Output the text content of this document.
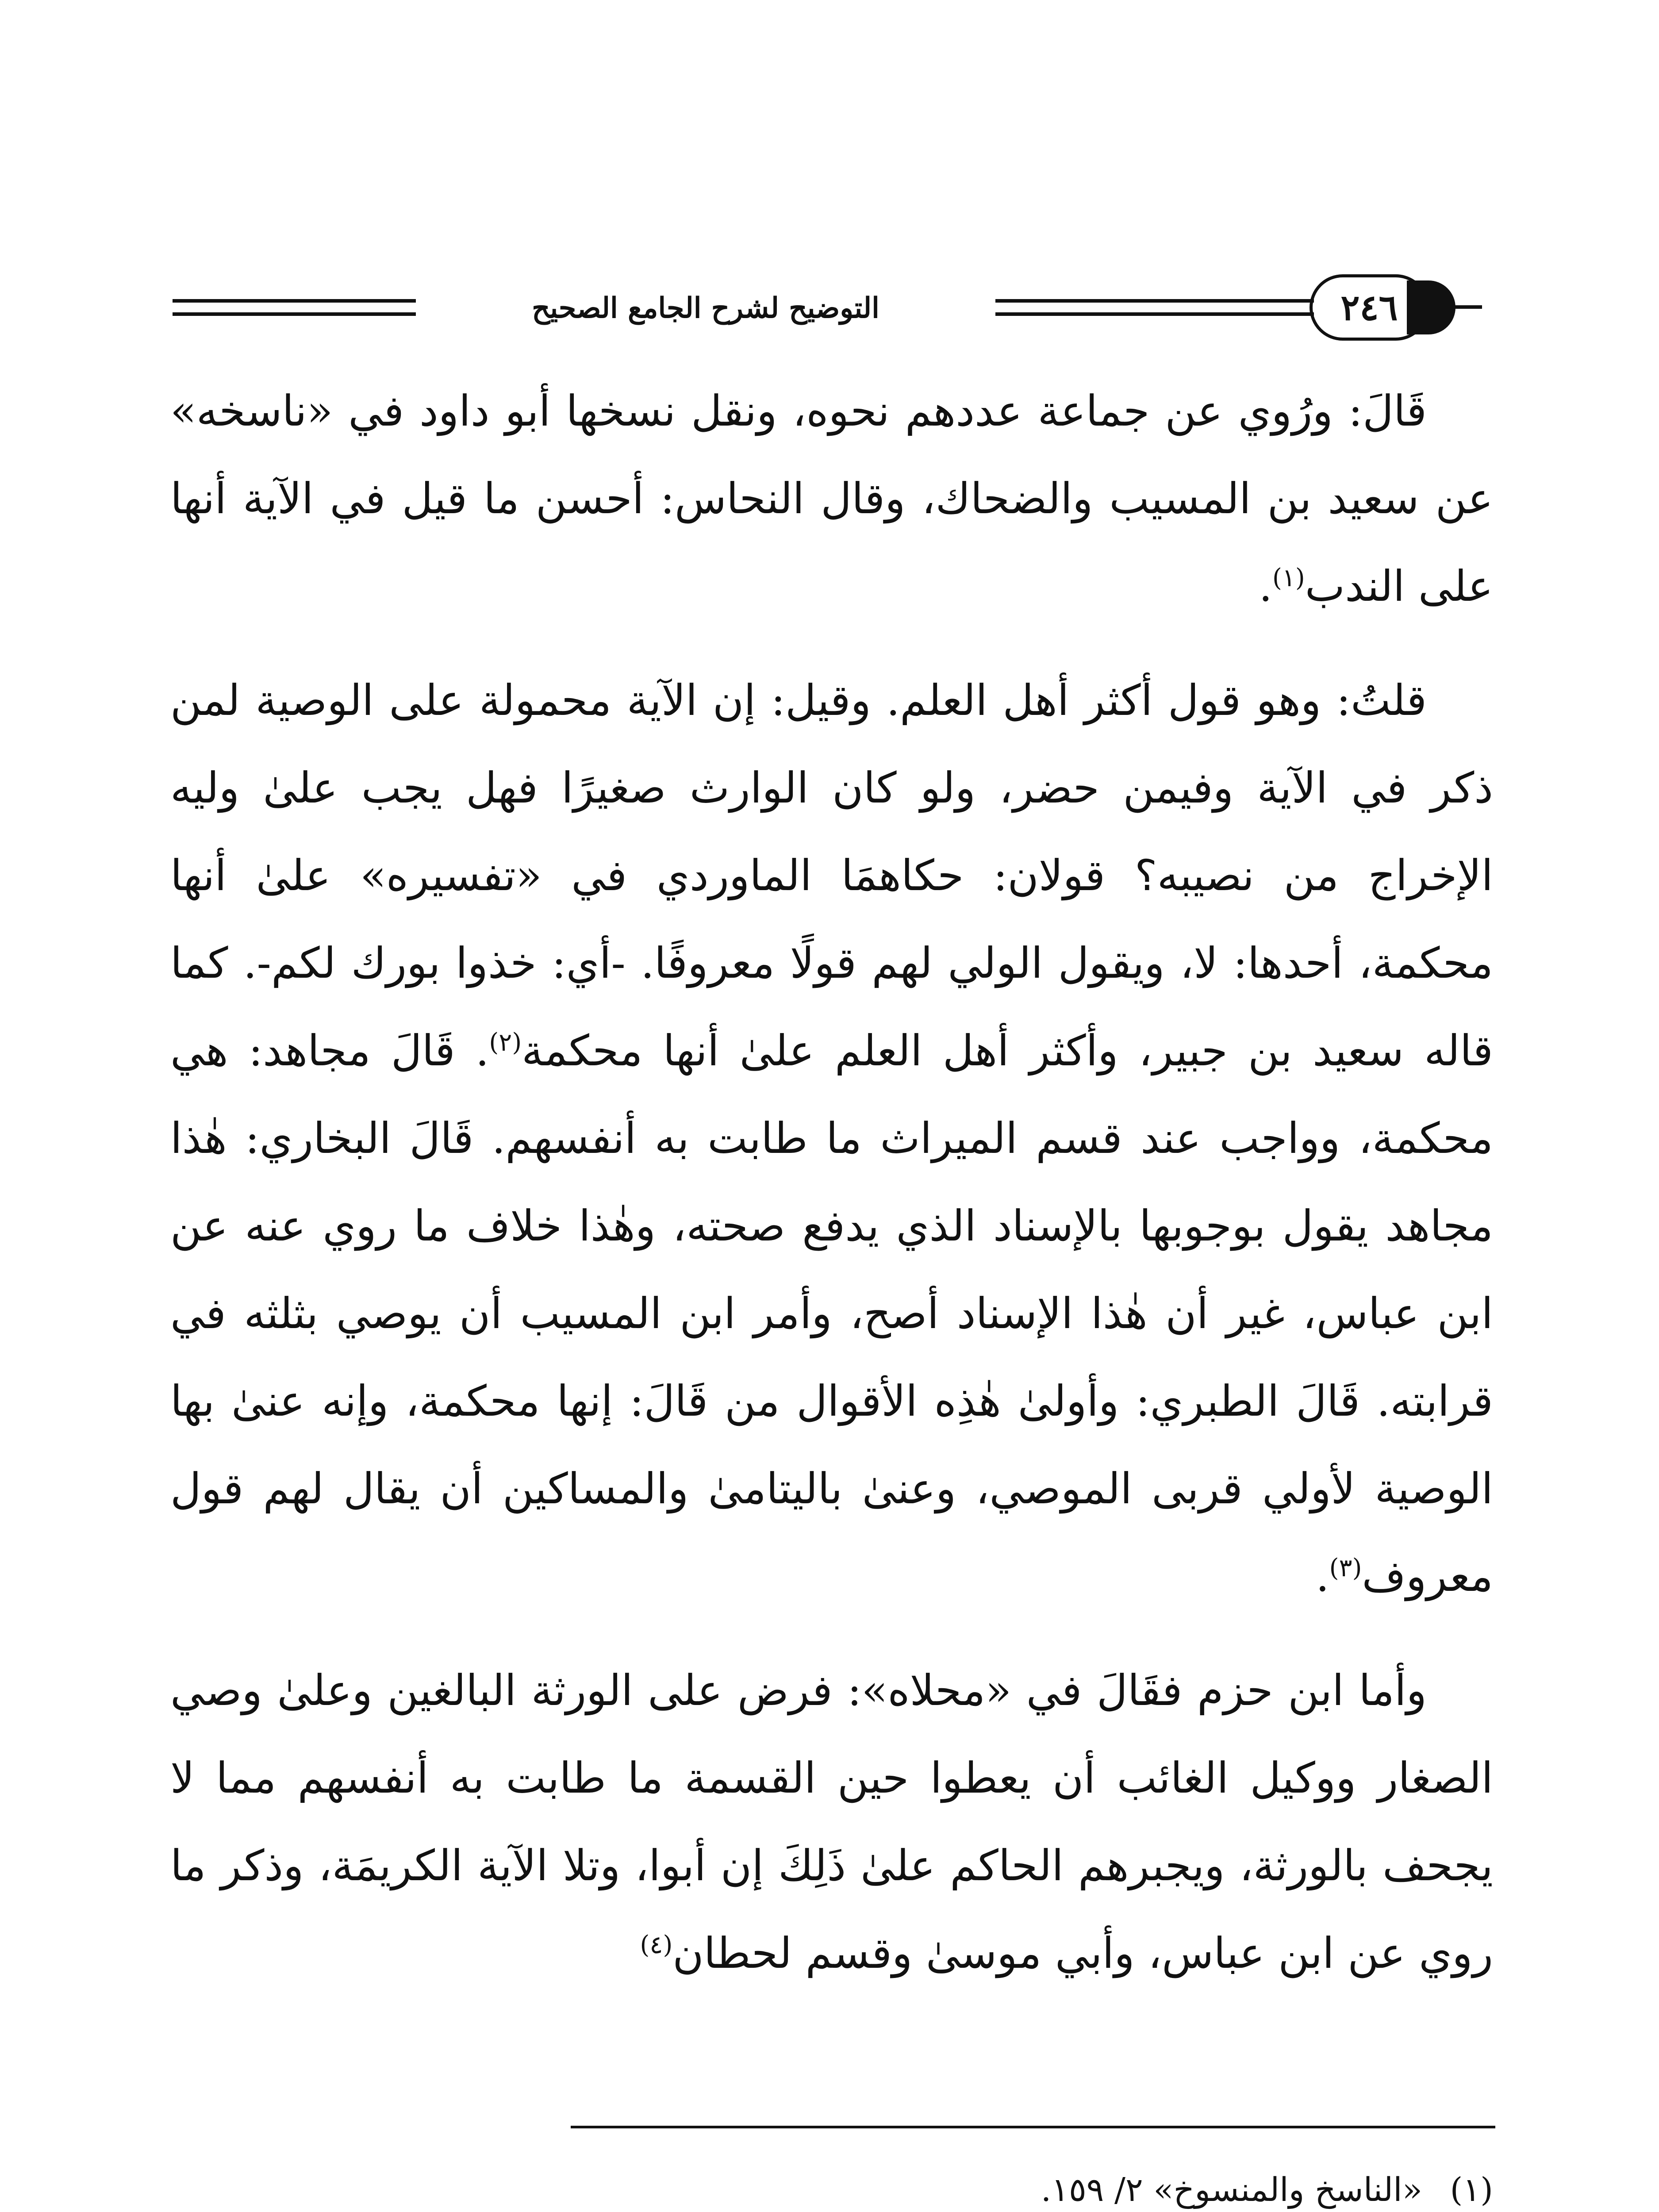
التوضيح لشرح الجامع الصحيح	٢٤٦

قَالَ: ورُوي عن جماعة عددهم نحوه، ونقل نسخها أبو داود في «ناسخه» عن سعيد بن المسيب والضحاك، وقال النحاس: أحسن ما قيل في الآية أنها على الندب$^{(١)}$.

قلتُ: وهو قول أكثر أهل العلم. وقيل: إن الآية محمولة على الوصية لمن ذكر في الآية وفيمن حضر، ولو كان الوارث صغيرًا فهل يجب علىٰ وليه الإخراج من نصيبه؟ قولان: حكاهمَا الماوردي في «تفسيره» علىٰ أنها محكمة، أحدها: لا، ويقول الولي لهم قولًا معروفًا. -أي: خذوا بورك لكم-. كما قاله سعيد بن جبير، وأكثر أهل العلم علىٰ أنها محكمة$^{(٢)}$. قَالَ مجاهد: هي محكمة، وواجب عند قسم الميراث ما طابت به أنفسهم. قَالَ البخاري: هٰذا مجاهد يقول بوجوبها بالإسناد الذي يدفع صحته، وهٰذا خلاف ما روي عنه عن ابن عباس، غير أن هٰذا الإسناد أصح، وأمر ابن المسيب أن يوصي بثلثه في قرابته. قَالَ الطبري: وأولىٰ هٰذِه الأقوال من قَالَ: إنها محكمة، وإنه عنىٰ بها الوصية لأولي قربى الموصي، وعنىٰ باليتامىٰ والمساكين أن يقال لهم قول معروف$^{(٣)}$.

وأما ابن حزم فقَالَ في «محلاه»: فرض على الورثة البالغين وعلىٰ وصي الصغار ووكيل الغائب أن يعطوا حين القسمة ما طابت به أنفسهم مما لا يجحف بالورثة، ويجبرهم الحاكم علىٰ ذَلِكَ إن أبوا، وتلا الآية الكريمَة، وذكر ما روي عن ابن عباس، وأبي موسىٰ وقسم لحطان$^{(٤)}$

(١)
«الناسخ والمنسوخ» ٢/ ١٥٩.
